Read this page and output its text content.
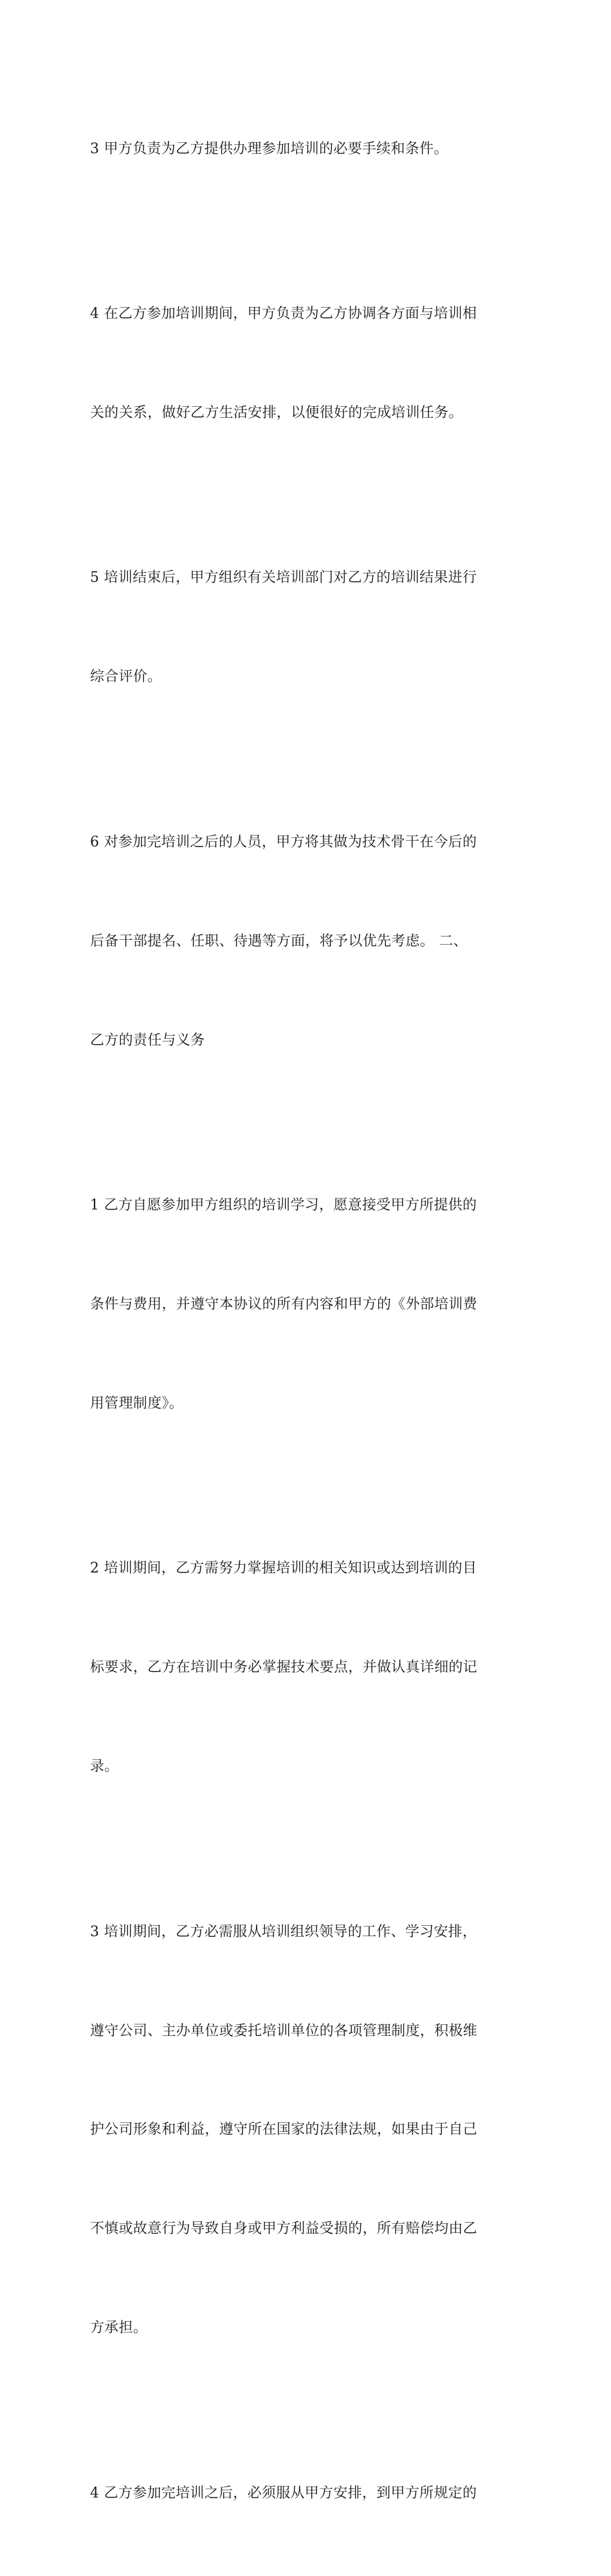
3 甲方负责为乙方提供办理参加培训的必要手续和条件。

4 在乙方参加培训期间，甲方负责为乙方协调各方面与培训相

关的关系，做好乙方生活安排，以便很好的完成培训任务。

5 培训结束后，甲方组织有关培训部门对乙方的培训结果进行

综合评价。

6 对参加完培训之后的人员，甲方将其做为技术骨干在今后的

后备干部提名、任职、待遇等方面，将予以优先考虑。 二、

乙方的责任与义务

1 乙方自愿参加甲方组织的培训学习，愿意接受甲方所提供的

条件与费用，并遵守本协议的所有内容和甲方的《外部培训费

用管理制度》。

2 培训期间，乙方需努力掌握培训的相关知识或达到培训的目

标要求，乙方在培训中务必掌握技术要点，并做认真详细的记

录。

3 培训期间，乙方必需服从培训组织领导的工作、学习安排，

遵守公司、主办单位或委托培训单位的各项管理制度，积极维

护公司形象和利益，遵守所在国家的法律法规，如果由于自己

不慎或故意行为导致自身或甲方利益受损的，所有赔偿均由乙

方承担。

4 乙方参加完培训之后，必须服从甲方安排，到甲方所规定的
